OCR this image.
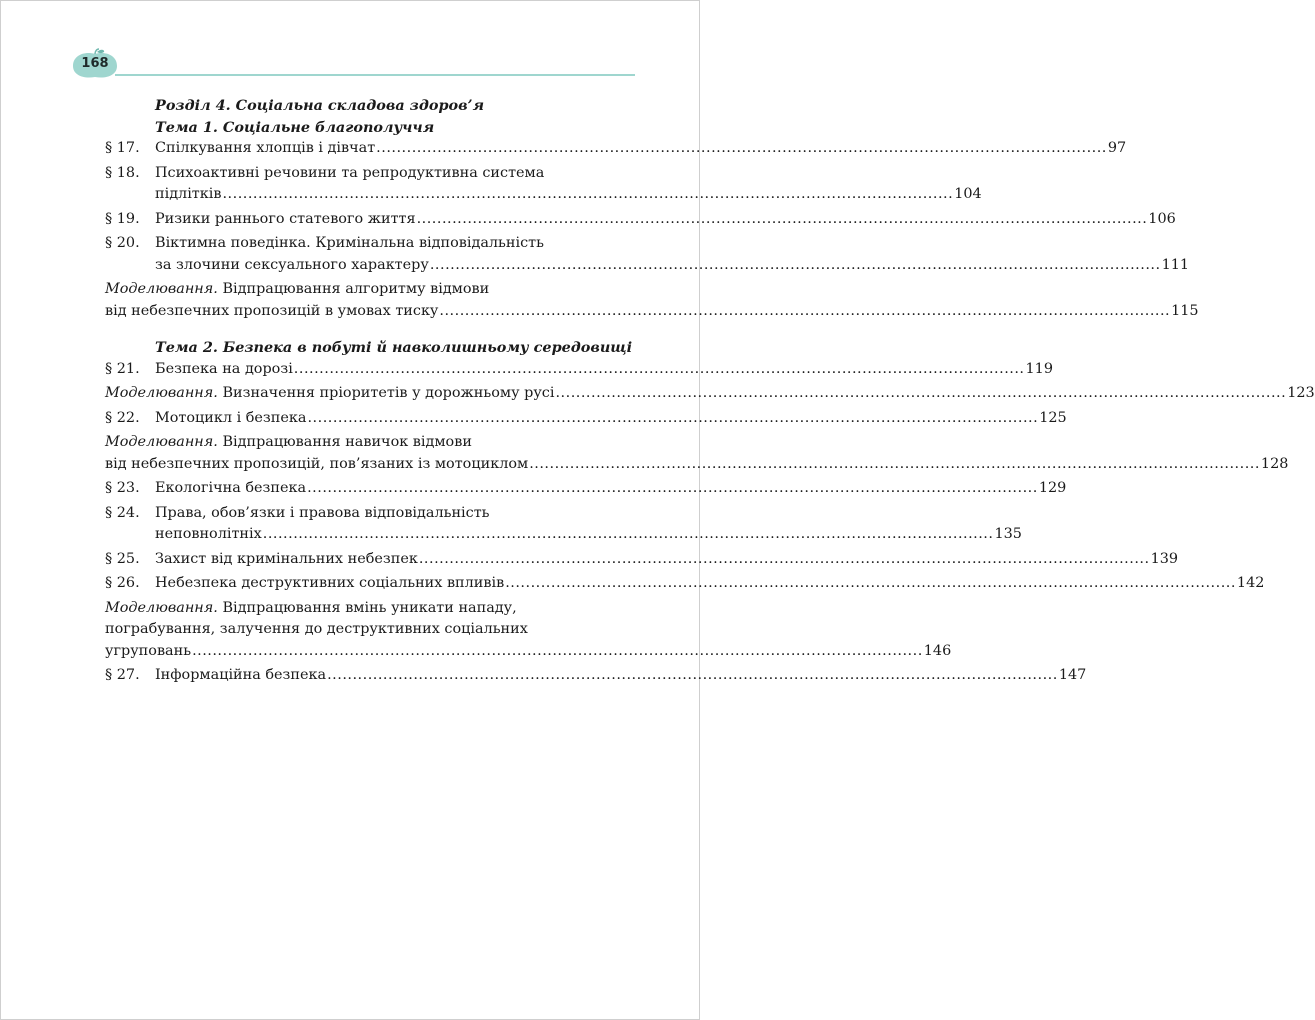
168
Розділ 4. Соціальна складова здоров’я
Тема 1. Соціальне благополуччя
§ 17.	Спілкування хлопців і дівчат ................................................................................................................................................ 97
§ 18.	Психоактивні речовини та репродуктивна система
підлітків ................................................................................................................................................ 104
§ 19.	Ризики раннього статевого життя ................................................................................................................................................ 106
§ 20.	Віктимна поведінка. Кримінальна відповідальність
за злочини сексуального характеру ................................................................................................................................................ 111
Моделювання. Відпрацювання алгоритму відмови
від небезпечних пропозицій в умовах тиску ................................................................................................................................................ 115
Тема 2. Безпека в побуті й навколишньому середовищі
§ 21.	Безпека на дорозі ................................................................................................................................................ 119
Моделювання. Визначення пріоритетів у дорожньому русі ................................................................................................................................................ 123
§ 22.	Мотоцикл і безпека ................................................................................................................................................ 125
Моделювання. Відпрацювання навичок відмови
від небезпечних пропозицій, пов’язаних із мотоциклом ................................................................................................................................................ 128
§ 23.	Екологічна безпека ................................................................................................................................................ 129
§ 24.	Права, обов’язки і правова відповідальність
неповнолітніх ................................................................................................................................................ 135
§ 25.	Захист від кримінальних небезпек ................................................................................................................................................ 139
§ 26.	Небезпека деструктивних соціальних впливів ................................................................................................................................................ 142
Моделювання. Відпрацювання вмінь уникати нападу,
пограбування, залучення до деструктивних соціальних
угруповань ................................................................................................................................................ 146
§ 27.	Інформаційна безпека ................................................................................................................................................ 147
